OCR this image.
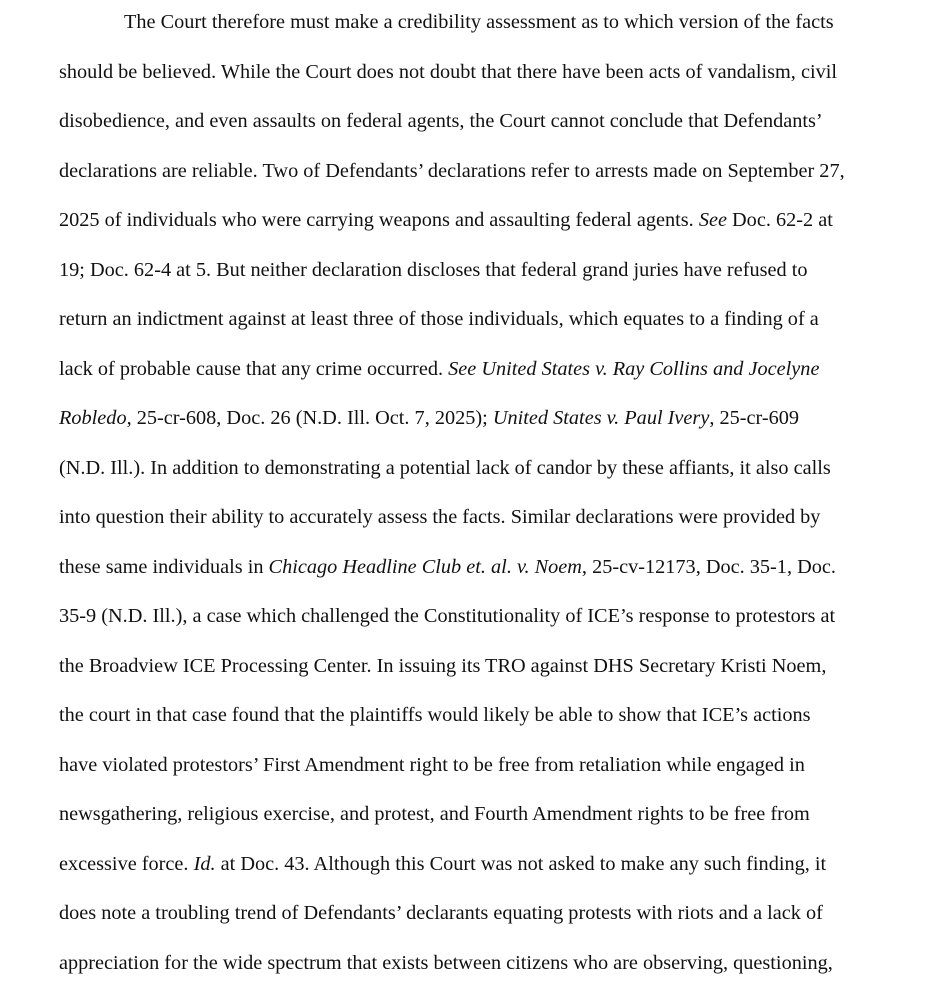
The Court therefore must make a credibility assessment as to which version of the facts

should be believed. While the Court does not doubt that there have been acts of vandalism, civil

disobedience, and even assaults on federal agents, the Court cannot conclude that Defendants’

declarations are reliable. Two of Defendants’ declarations refer to arrests made on September 27,

2025 of individuals who were carrying weapons and assaulting federal agents. See Doc. 62-2 at

19; Doc. 62-4 at 5. But neither declaration discloses that federal grand juries have refused to

return an indictment against at least three of those individuals, which equates to a finding of a

lack of probable cause that any crime occurred. See United States v. Ray Collins and Jocelyne

Robledo, 25-cr-608, Doc. 26 (N.D. Ill. Oct. 7, 2025); United States v. Paul Ivery, 25-cr-609

(N.D. Ill.). In addition to demonstrating a potential lack of candor by these affiants, it also calls

into question their ability to accurately assess the facts. Similar declarations were provided by

these same individuals in Chicago Headline Club et. al. v. Noem, 25-cv-12173, Doc. 35-1, Doc.

35-9 (N.D. Ill.), a case which challenged the Constitutionality of ICE’s response to protestors at

the Broadview ICE Processing Center. In issuing its TRO against DHS Secretary Kristi Noem,

the court in that case found that the plaintiffs would likely be able to show that ICE’s actions

have violated protestors’ First Amendment right to be free from retaliation while engaged in

newsgathering, religious exercise, and protest, and Fourth Amendment rights to be free from

excessive force. Id. at Doc. 43. Although this Court was not asked to make any such finding, it

does note a troubling trend of Defendants’ declarants equating protests with riots and a lack of

appreciation for the wide spectrum that exists between citizens who are observing, questioning,
